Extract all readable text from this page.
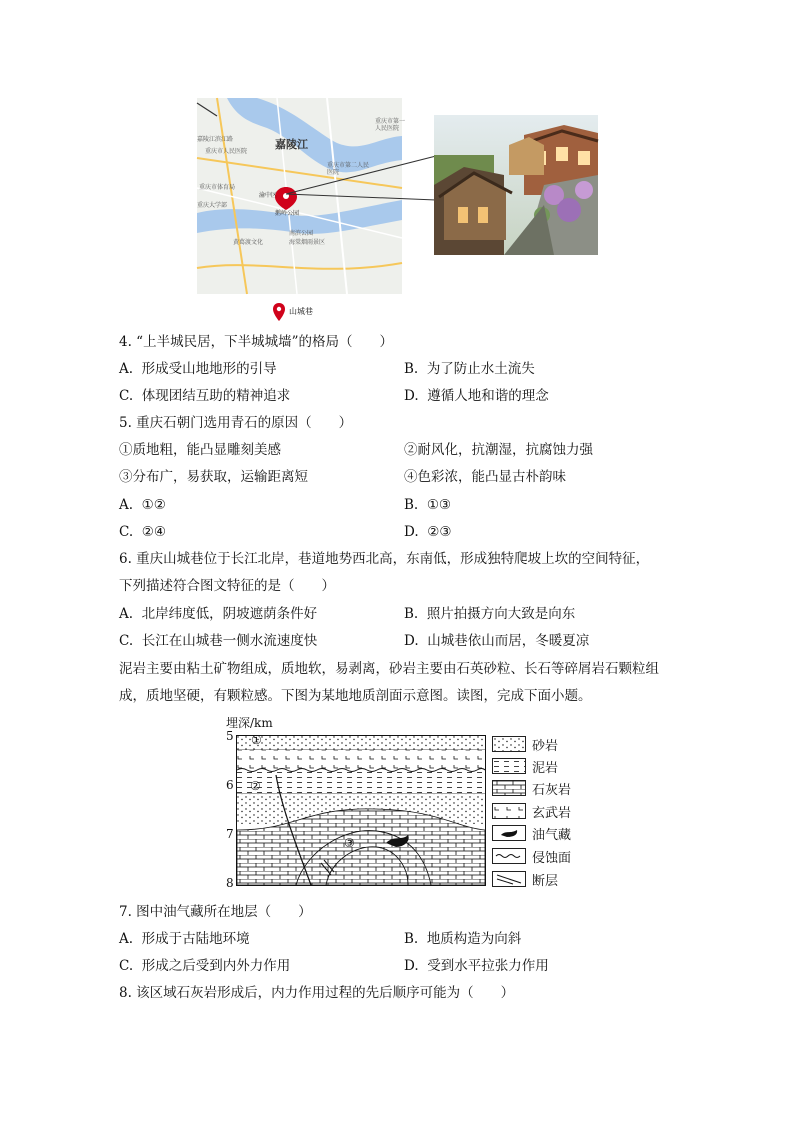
嘉陵江
重庆市第一人民医院
重庆市第二人民医院
嘉陵江滨江路
重庆市人民医院
重庆市体育局
重庆大学部
渝中区
鹅岭公园
南滨公园
黄葛渡文化	海棠烟雨景区
山城巷
4. “上半城民居，下半城城墙”的格局（　　）
A. 形成受山地地形的引导	B. 为了防止水土流失
C. 体现团结互助的精神追求	D. 遵循人地和谐的理念
5. 重庆石朝门选用青石的原因（　　）
①质地粗，能凸显雕刻美感	②耐风化，抗潮湿，抗腐蚀力强
③分布广，易获取，运输距离短	④色彩浓，能凸显古朴韵味
A. ①②	B. ①③
C. ②④	D. ②③
6. 重庆山城巷位于长江北岸，巷道地势西北高，东南低，形成独特爬坡上坎的空间特征，
下列描述符合图文特征的是（　　）
A. 北岸纬度低，阴坡遮荫条件好	B. 照片拍摄方向大致是向东
C. 长江在山城巷一侧水流速度快	D. 山城巷依山而居，冬暖夏凉
泥岩主要由粘土矿物组成，质地软，易剥离，砂岩主要由石英砂粒、长石等碎屑岩石颗粒组
成，质地坚硬，有颗粒感。下图为某地地质剖面示意图。读图，完成下面小题。
埋深/km
5
6
7
8
①
②
③
砂岩
泥岩
石灰岩
玄武岩
油气藏
侵蚀面
断层
7. 图中油气藏所在地层（　　）
A. 形成于古陆地环境	B. 地质构造为向斜
C. 形成之后受到内外力作用	D. 受到水平拉张力作用
8. 该区域石灰岩形成后，内力作用过程的先后顺序可能为（　　）
